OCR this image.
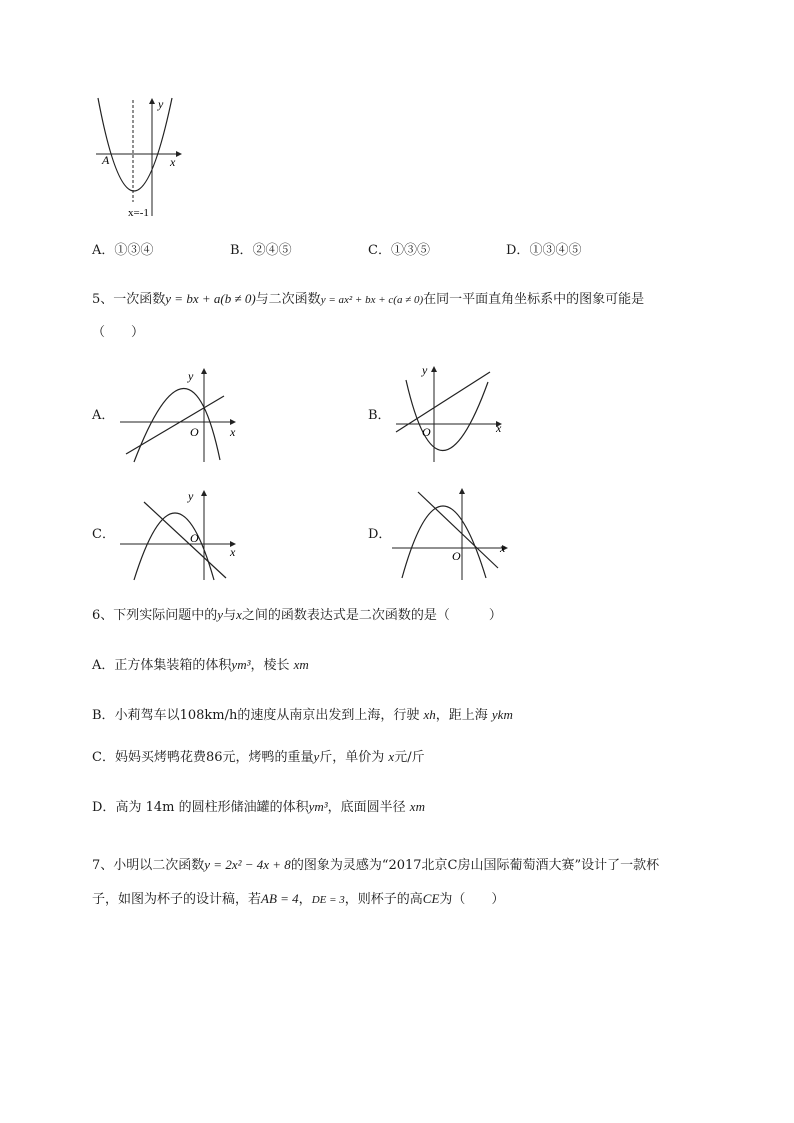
A
y
x
x=-1
A．①③④	B．②④⑤	C．①③⑤	D．①③④⑤
5、一次函数y = bx + a(b ≠ 0)与二次函数y = ax² + bx + c(a ≠ 0)在同一平面直角坐标系中的图象可能是
（　　）
A．
y
O	x
B．
y
O	x
C．
y
O
x
D．
O
x
6、下列实际问题中的y与x之间的函数表达式是二次函数的是（　　　）
A．正方体集装箱的体积ym³，棱长 xm
B．小莉驾车以108km/h的速度从南京出发到上海，行驶 xh，距上海 ykm
C．妈妈买烤鸭花费86元，烤鸭的重量y斤，单价为 x元/斤
D．高为 14m 的圆柱形储油罐的体积ym³，底面圆半径 xm
7、小明以二次函数y = 2x² − 4x + 8的图象为灵感为“2017北京C房山国际葡萄酒大赛”设计了一款杯
子，如图为杯子的设计稿，若AB = 4，DE = 3，则杯子的高CE为（　　）
